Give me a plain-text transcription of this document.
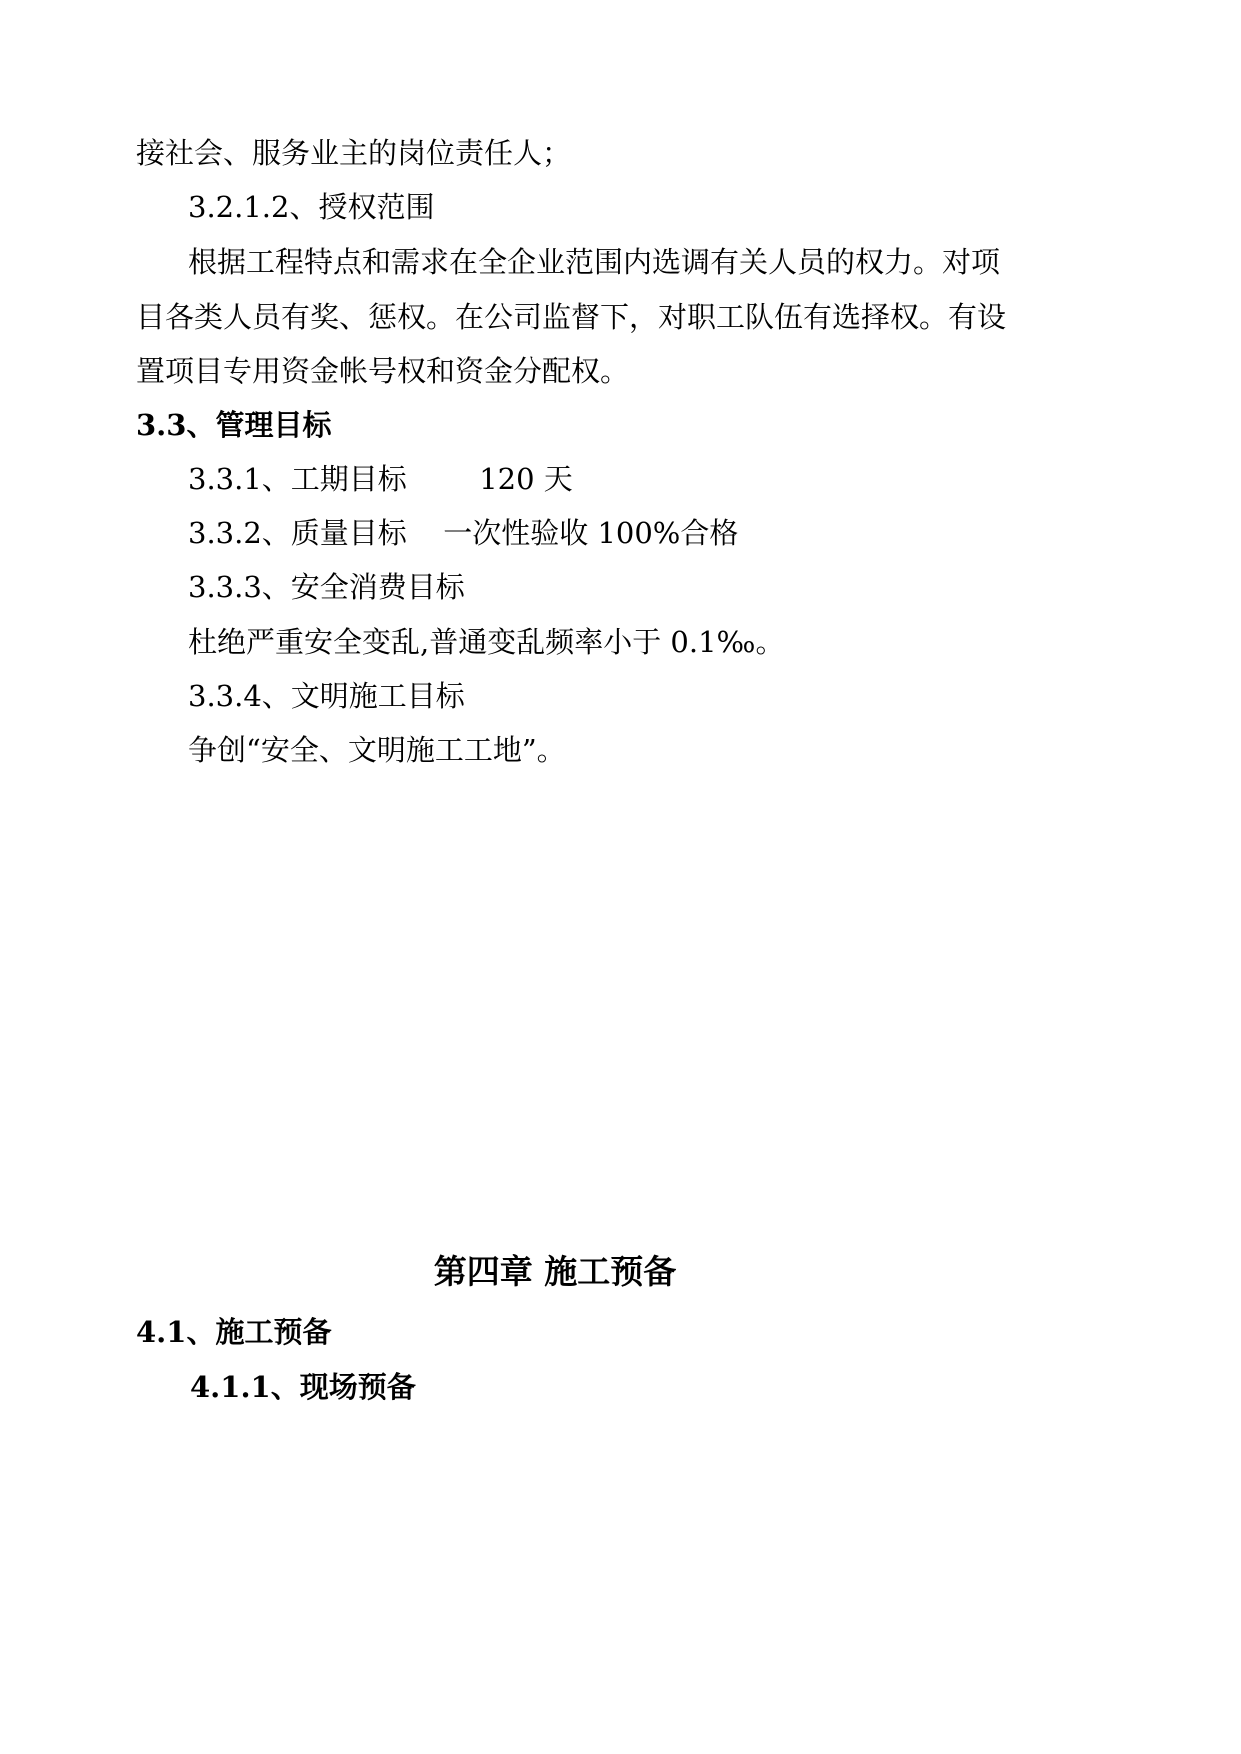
接社会、服务业主的岗位责任人；
3.2.1.2、授权范围
根据工程特点和需求在全企业范围内选调有关人员的权力。对项
目各类人员有奖、惩权。在公司监督下，对职工队伍有选择权。有设
置项目专用资金帐号权和资金分配权。
3.3、管理目标
3.3.1、工期目标 120 天
3.3.2、质量目标 一次性验收 100%合格
3.3.3、安全消费目标
杜绝严重安全变乱,普通变乱频率小于 0.1‰。
3.3.4、文明施工目标
争创“安全、文明施工工地”。
第四章 施工预备
4.1、施工预备
4.1.1、现场预备
